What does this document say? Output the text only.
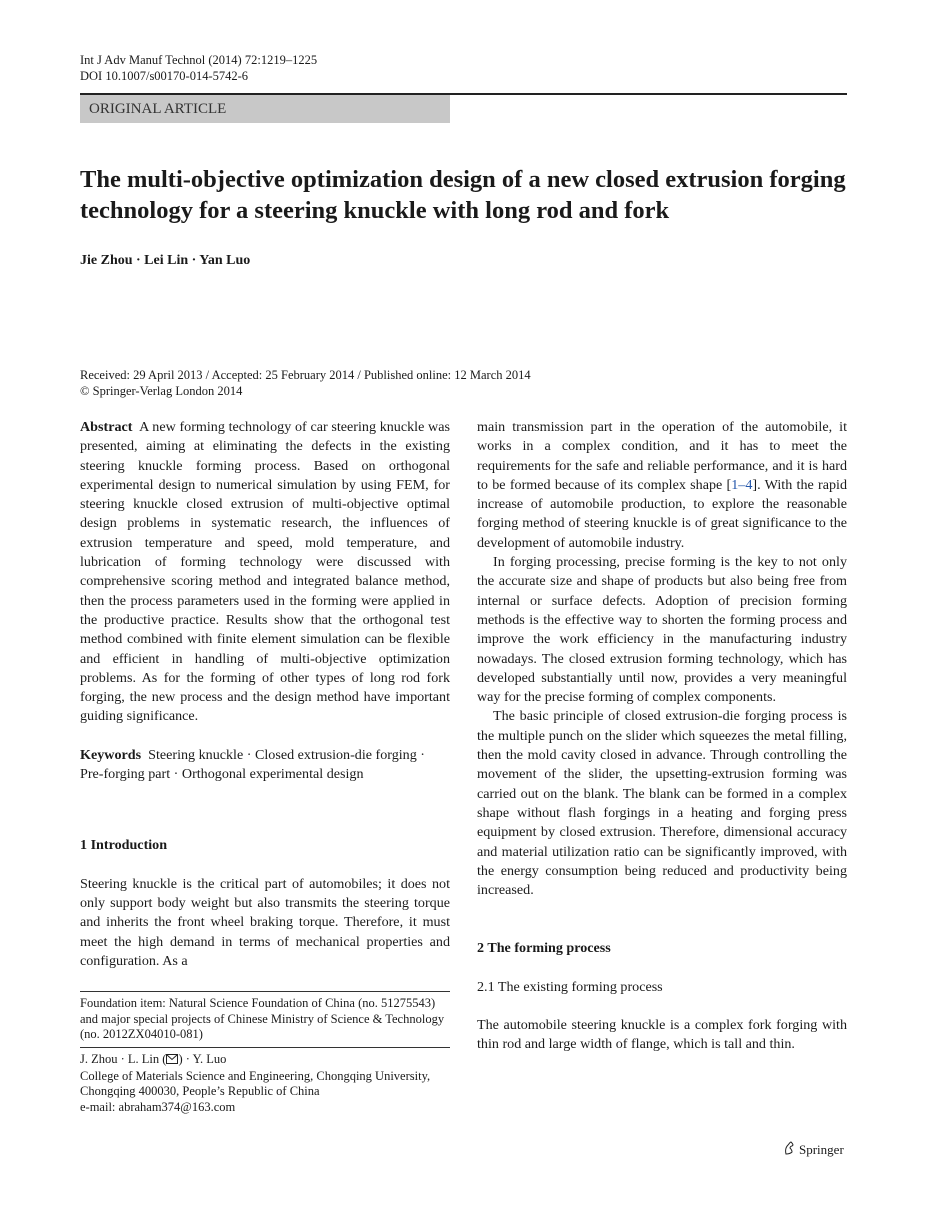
Int J Adv Manuf Technol (2014) 72:1219–1225
DOI 10.1007/s00170-014-5742-6
ORIGINAL ARTICLE
The multi-objective optimization design of a new closed extrusion forging technology for a steering knuckle with long rod and fork
Jie Zhou · Lei Lin · Yan Luo
Received: 29 April 2013 / Accepted: 25 February 2014 / Published online: 12 March 2014
© Springer-Verlag London 2014

Abstract A new forming technology of car steering knuckle was presented, aiming at eliminating the defects in the existing steering knuckle forming process. Based on orthogonal experimental design to numerical simulation by using FEM, for steering knuckle closed extrusion of multi-objective optimal design problems in systematic research, the influences of extrusion temperature and speed, mold temperature, and lubrication of forming technology were discussed with comprehensive scoring method and integrated balance method, then the process parameters used in the forming were applied in the productive practice. Results show that the orthogonal test method combined with finite element simulation can be flexible and efficient in handling of multi-objective optimization problems. As for the forming of other types of long rod fork forging, the new process and the design method have important guiding significance.

Keywords Steering knuckle · Closed extrusion-die forging · Pre-forging part · Orthogonal experimental design

1 Introduction

Steering knuckle is the critical part of automobiles; it does not only support body weight but also transmits the steering torque and inherits the front wheel braking torque. Therefore, it must meet the high demand in terms of mechanical properties and configuration. As a

Foundation item: Natural Science Foundation of China (no. 51275543) and major special projects of Chinese Ministry of Science & Technology (no. 2012ZX04010-081)
J. Zhou · L. Lin ( ) · Y. Luo
College of Materials Science and Engineering, Chongqing University, Chongqing 400030, People’s Republic of China
e-mail: abraham374@163.com

main transmission part in the operation of the automobile, it works in a complex condition, and it has to meet the requirements for the safe and reliable performance, and it is hard to be formed because of its complex shape [1–4]. With the rapid increase of automobile production, to explore the reasonable forging method of steering knuckle is of great significance to the development of automobile industry.

In forging processing, precise forming is the key to not only the accurate size and shape of products but also being free from internal or surface defects. Adoption of precision forming methods is the effective way to shorten the forming process and improve the work efficiency in the manufacturing industry nowadays. The closed extrusion forming technology, which has developed substantially until now, provides a very meaningful way for the precise forming of complex components.

The basic principle of closed extrusion-die forging process is the multiple punch on the slider which squeezes the metal filling, then the mold cavity closed in advance. Through controlling the movement of the slider, the upsetting-extrusion forming was carried out on the blank. The blank can be formed in a complex shape without flash forgings in a heating and forging press equipment by closed extrusion. Therefore, dimensional accuracy and material utilization ratio can be significantly improved, with the energy consumption being reduced and productivity being increased.

2 The forming process

2.1 The existing forming process

The automobile steering knuckle is a complex fork forging with thin rod and large width of flange, which is tall and thin.

Springer
